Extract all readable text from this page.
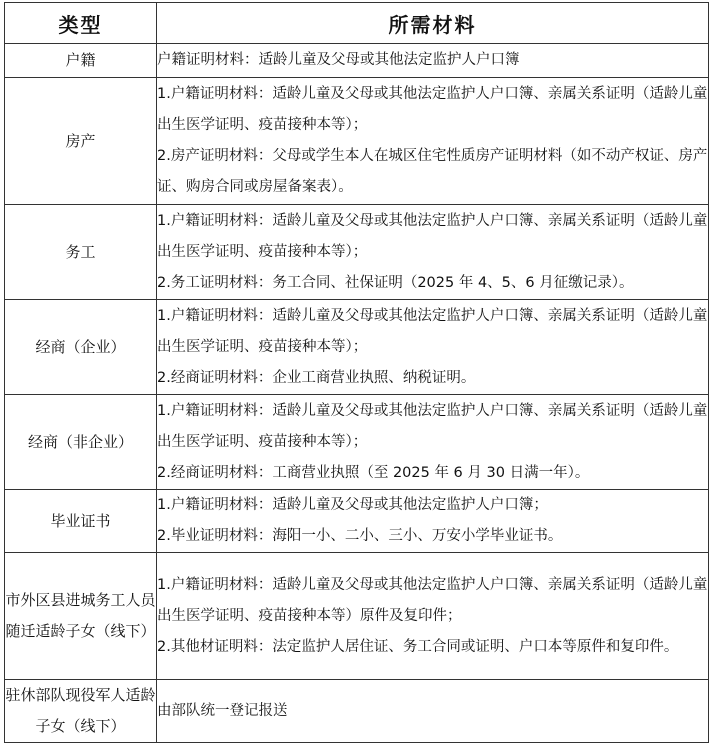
类型	所需材料
户籍	户籍证明材料：适龄儿童及父母或其他法定监护人户口簿

房产	1.户籍证明材料：适龄儿童及父母或其他法定监护人户口簿、亲属关系证明（适龄儿童出生医学证明、疫苗接种本等）；
2.房产证明材料：父母或学生本人在城区住宅性质房产证明材料（如不动产权证、房产证、购房合同或房屋备案表）。

务工	1.户籍证明材料：适龄儿童及父母或其他法定监护人户口簿、亲属关系证明（适龄儿童出生医学证明、疫苗接种本等）；
2.务工证明材料：务工合同、社保证明（2025 年 4、5、6 月征缴记录）。

经商（企业）	1.户籍证明材料：适龄儿童及父母或其他法定监护人户口簿、亲属关系证明（适龄儿童出生医学证明、疫苗接种本等）；
2.经商证明材料：企业工商营业执照、纳税证明。

经商（非企业）	1.户籍证明材料：适龄儿童及父母或其他法定监护人户口簿、亲属关系证明（适龄儿童出生医学证明、疫苗接种本等）；
2.经商证明材料：工商营业执照（至 2025 年 6 月 30 日满一年）。

毕业证书	1.户籍证明材料：适龄儿童及父母或其他法定监护人户口簿；
2.毕业证明材料：海阳一小、二小、三小、万安小学毕业证书。

市外区县进城务工人员随迁适龄子女（线下）	1.户籍证明材料：适龄儿童及父母或其他法定监护人户口簿、亲属关系证明（适龄儿童出生医学证明、疫苗接种本等）原件及复印件；
2.其他材证明料：法定监护人居住证、务工合同或证明、户口本等原件和复印件。

驻休部队现役军人适龄子女（线下）	由部队统一登记报送
